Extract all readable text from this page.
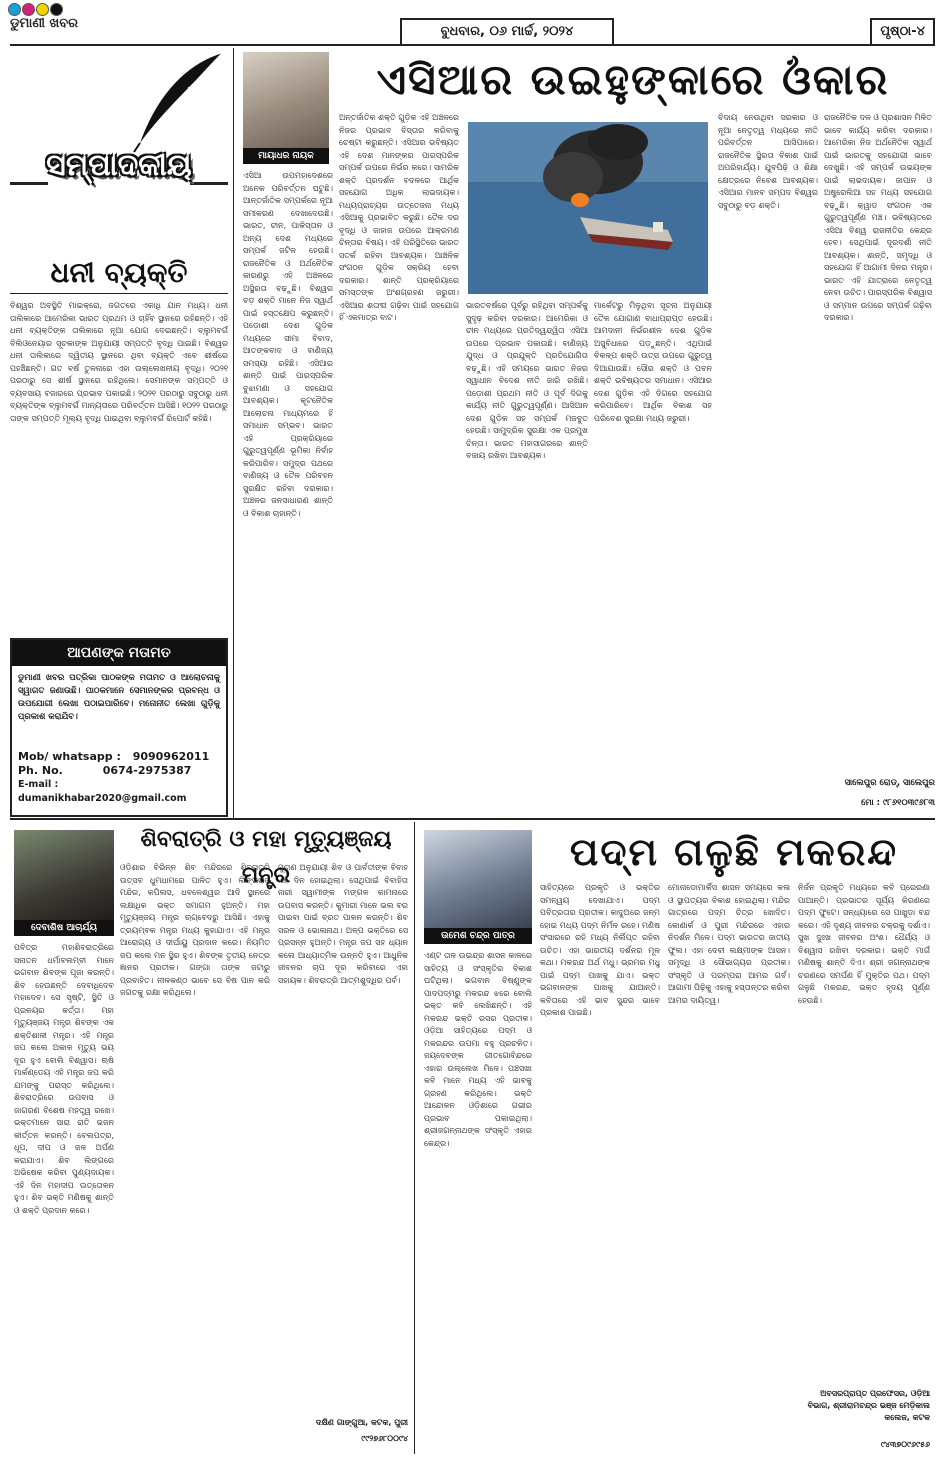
ଡୁମାଣୀ ଖବର
ବୁଧବାର, ୦୬ ମାର୍ଚ୍ଚ, ୨୦୨୪	ପୃଷ୍ଠା-୪
ସମ୍ପାଦକୀୟ
ଧନୀ ବ୍ୟକ୍ତି
ବିଶ୍ୱର ଅବସ୍ଥିତି ମାଇକ୍ରୋ, ଜଗତରେ ଏକାଧି ଯାନ ମଧ୍ୟ। ଧନୀ ତାଲିକାରେ ଆମେରିକା ଭାରତ ପ୍ରଥମ ଓ ଚାହିଁବ ସ୍ଥାନରେ ରହିଛନ୍ତି। ଏହି ଧନୀ ବ୍ୟକ୍ତିଙ୍କ ତାଲିକାରେ ନୂଆ ଯୋଗ ଦେଇଛନ୍ତି। ବ୍ଲୁମବର୍ଗ ବିଲିଓନେୟାର ସୂଚକାଙ୍କ ଅନୁଯାୟୀ ସମ୍ପତ୍ତି ବୃଦ୍ଧି ପାଇଛି। ବିଶ୍ୱର ଧନୀ ତାଲିକାରେ ଦ୍ୱିତୀୟ ସ୍ଥାନରେ ଥିବା ବ୍ୟକ୍ତି ଏବେ ଶୀର୍ଷରେ ପହଞ୍ଚିଛନ୍ତି। ଗତ ବର୍ଷ ତୁଳନାରେ ଏହା ଉଲ୍ଲେଖନୀୟ ବୃଦ୍ଧି। ୨୦୨୧ ପରଠାରୁ ସେ ଶୀର୍ଷ ସ୍ଥାନରେ ରହିଥିଲେ। ସେମାନଙ୍କ ସମ୍ପତ୍ତି ଓ ବ୍ୟବସାୟ ବଜାରରେ ପ୍ରଭାବ ପକାଇଛି। ୨୦୨୧ ପରଠାରୁ ସବୁଠାରୁ ଧନୀ ବ୍ୟକ୍ତିଙ୍କ ବ୍ଲୁମବର୍ଗ ମାନ୍ୟତାରେ ପରିବର୍ତ୍ତନ ଆସିଛି। ୧୦୨୨ ପରଠାରୁ ତାଙ୍କ ସମ୍ପତ୍ତି ମୂଲ୍ୟ ବୃଦ୍ଧି ପାଇଥିବା ବ୍ଲୁମବର୍ଗ ରିପୋର୍ଟ କହିଛି।
ଆପଣଙ୍କ ମତାମତ
ଡୁମାଣୀ ଖବର ପତ୍ରିକା ପାଠକଙ୍କ ମତାମତ ଓ ଆଲୋଚନାକୁ ସ୍ୱାଗତ ଜଣାଉଛି। ପାଠକମାନେ ସେମାନଙ୍କର ପ୍ରବନ୍ଧ ଓ ଉପଯୋଗୀ ଲେଖା ପଠାଇପାରିବେ। ମନୋନୀତ ଲେଖା ଗୁଡ଼ିକୁ ପ୍ରକାଶ କରାଯିବ।
Mob/ whatsapp : 9090962011
Ph. No.	0674-2975387
E-mail : dumanikhabar2020@gmail.com
ମାୟାଧର ନାୟକ
ଏସିଆର ଉଇହୁଙ୍କାରେ ଓଁକାର
ଏସିଆ ଉପମହାଦେଶରେ ଅନେକ ପରିବର୍ତ୍ତନ ଘଟୁଛି। ଆନ୍ତର୍ଜାତିକ ସମ୍ପର୍କରେ ନୂଆ ସମୀକରଣ ଦେଖାଦେଉଛି। ଭାରତ, ଚୀନ, ପାକିସ୍ତାନ ଓ ଅନ୍ୟ ଦେଶ ମଧ୍ୟରେ ସମ୍ପର୍କ ଜଟିଳ ହେଉଛି। ରାଜନୈତିକ ଓ ଅର୍ଥନୈତିକ କାରଣରୁ ଏହି ଅଞ୍ଚଳରେ ଅସ୍ଥିରତା ବଢ଼ୁଛି। ବିଶ୍ୱର ବଡ଼ ଶକ୍ତି ମାନେ ନିଜ ସ୍ୱାର୍ଥ ପାଇଁ ହସ୍ତକ୍ଷେପ କରୁଛନ୍ତି। ପଡ଼ୋଶୀ ଦେଶ ଗୁଡ଼ିକ ମଧ୍ୟରେ ସୀମା ବିବାଦ, ଆତଙ୍କବାଦ ଓ ବାଣିଜ୍ୟ ସମସ୍ୟା ରହିଛି। ଏସିଆର ଶାନ୍ତି ପାଇଁ ପାରସ୍ପରିକ ବୁଝାମଣା ଓ ସହଯୋଗ ଆବଶ୍ୟକ। କୂଟନୈତିକ ଆଲୋଚନା ମାଧ୍ୟମରେ ହିଁ ସମାଧାନ ସମ୍ଭବ। ଭାରତ ଏହି ପ୍ରକ୍ରିୟାରେ ଗୁରୁତ୍ୱପୂର୍ଣ୍ଣ ଭୂମିକା ନିର୍ବାହ କରିପାରିବ। ସମୁଦ୍ର ପଥରେ ବାଣିଜ୍ୟ ଓ ତୈଳ ପରିବହନ ସୁରକ୍ଷିତ ରହିବା ଦରକାର। ଅଞ୍ଚଳର ଜନସାଧାରଣ ଶାନ୍ତି ଓ ବିକାଶ ଚାହାନ୍ତି।
ଅନ୍ତର୍ଜାତିକ ଶକ୍ତି ଗୁଡ଼ିକ ଏହି ଅଞ୍ଚଳରେ ନିଜର ପ୍ରଭାବ ବିସ୍ତାର କରିବାକୁ ଚେଷ୍ଟା କରୁଛନ୍ତି। ଏସିଆର ଭବିଷ୍ୟତ ଏହି ଦେଶ ମାନଙ୍କର ପାରସ୍ପରିକ ସମ୍ପର୍କ ଉପରେ ନିର୍ଭର କରେ। ସାମରିକ ଶକ୍ତି ପ୍ରଦର୍ଶନ ବଦଳରେ ଆର୍ଥିକ ସହଯୋଗ ଅଧିକ ଲାଭଦାୟକ। ମଧ୍ୟପ୍ରାଚ୍ୟର ଉତ୍ତେଜନା ମଧ୍ୟ ଏସିଆକୁ ପ୍ରଭାବିତ କରୁଛି। ତୈଳ ଦର ବୃଦ୍ଧି ଓ ଜାହାଜ ଉପରେ ଆକ୍ରମଣ ଚିନ୍ତାର ବିଷୟ। ଏହି ପରିସ୍ଥିତିରେ ଭାରତ ସତର୍କ ରହିବା ଆବଶ୍ୟକ। ଆଞ୍ଚଳିକ ସଂଗଠନ ଗୁଡ଼ିକ ସକ୍ରିୟ ହେବା ଦରକାର। ଶାନ୍ତି ପ୍ରକ୍ରିୟାରେ ସମସ୍ତଙ୍କ ଅଂଶଗ୍ରହଣ ଜରୁରୀ। ଏସିଆର ଶତାବ୍ଦୀ ଗଢ଼ିବା ପାଇଁ ସହଯୋଗ ହିଁ ଏକମାତ୍ର ବାଟ।
ଭାରତବର୍ଷରେ ପୂର୍ବରୁ ରହିଥିବା ସମ୍ପର୍କକୁ ସୁଦୃଢ଼ କରିବା ଦରକାର। ଆମେରିକା ଓ ଚୀନ ମଧ୍ୟରେ ପ୍ରତିଦ୍ୱନ୍ଦ୍ୱିତା ଏସିଆ ଉପରେ ପ୍ରଭାବ ପକାଉଛି। ବାଣିଜ୍ୟ ଯୁଦ୍ଧ ଓ ପ୍ରଯୁକ୍ତି ପ୍ରତିଯୋଗିତା ବଢ଼ୁଛି। ଏହି ସମୟରେ ଭାରତ ନିଜର ସ୍ୱାଧୀନ ବିଦେଶ ନୀତି ଜାରି ରଖିଛି। ପଡ଼ୋଶୀ ପ୍ରଥମ ନୀତି ଓ ପୂର୍ବ ଦିଗକୁ କାର୍ଯ୍ୟ ନୀତି ଗୁରୁତ୍ୱପୂର୍ଣ୍ଣ। ଆସିଆନ ଦେଶ ଗୁଡ଼ିକ ସହ ସମ୍ପର୍କ ମଜବୁତ ହେଉଛି। ସାମୁଦ୍ରିକ ସୁରକ୍ଷା ଏକ ପ୍ରମୁଖ ଚିନ୍ତା। ଭାରତ ମହାସାଗରରେ ଶାନ୍ତି ବଜାୟ ରଖିବା ଆବଶ୍ୟକ।
ମାର୍କେଟରୁ ମିଳୁଥିବା ସୂଚନା ଅନୁଯାୟୀ ତୈଳ ଯୋଗାଣ ବାଧାପ୍ରାପ୍ତ ହେଉଛି। ଆମଦାନୀ ନିର୍ଭରଶୀଳ ଦେଶ ଗୁଡ଼ିକ ଅସୁବିଧାରେ ପଡ଼ୁଛନ୍ତି। ଏଥିପାଇଁ ବିକଳ୍ପ ଶକ୍ତି ଉତ୍ସ ଉପରେ ଗୁରୁତ୍ୱ ଦିଆଯାଉଛି। ସୌର ଶକ୍ତି ଓ ପବନ ଶକ୍ତି ଭବିଷ୍ୟତର ସମାଧାନ। ଏସିଆର ଦେଶ ଗୁଡ଼ିକ ଏହି ଦିଗରେ ସହଯୋଗ କରିପାରିବେ। ଆର୍ଥିକ ବିକାଶ ସହ ପରିବେଶ ସୁରକ୍ଷା ମଧ୍ୟ ଜରୁରୀ।
ବିଦାୟ ନେଉଥିବା ସରକାର ଓ ନୂଆ ନେତୃତ୍ୱ ମଧ୍ୟରେ ନୀତି ପରିବର୍ତ୍ତନ ଆସିପାରେ। ରାଜନୈତିକ ସ୍ଥିରତା ବିକାଶ ପାଇଁ ଅପରିହାର୍ଯ୍ୟ। ଯୁବପିଢ଼ି ଓ ଶିକ୍ଷା କ୍ଷେତ୍ରରେ ନିବେଶ ଆବଶ୍ୟକ। ଏସିଆର ମାନବ ସମ୍ପଦ ବିଶ୍ୱର ସବୁଠାରୁ ବଡ଼ ଶକ୍ତି।
ରାଜନୈତିକ ଦଳ ଓ ପ୍ରଶାସନ ମିଳିତ ଭାବେ କାର୍ଯ୍ୟ କରିବା ଦରକାର। ଆମେରିକା ନିଜ ଅର୍ଥନୈତିକ ସ୍ୱାର୍ଥ ପାଇଁ ଭାରତକୁ ସହଯୋଗୀ ଭାବେ ଦେଖୁଛି। ଏହି ସମ୍ପର୍କ ଉଭୟଙ୍କ ପାଇଁ ଲାଭଦାୟକ। ଜାପାନ ଓ ଅଷ୍ଟ୍ରେଲିଆ ସହ ମଧ୍ୟ ସହଯୋଗ ବଢ଼ୁଛି। କ୍ୱାଡ ସଂଗଠନ ଏକ ଗୁରୁତ୍ୱପୂର୍ଣ୍ଣ ମଞ୍ଚ। ଭବିଷ୍ୟତରେ ଏସିଆ ବିଶ୍ୱ ରାଜନୀତିର କେନ୍ଦ୍ର ହେବ। ସେଥିପାଇଁ ଦୂରଦର୍ଶୀ ନୀତି ଆବଶ୍ୟକ। ଶାନ୍ତି, ସମୃଦ୍ଧି ଓ ସହଯୋଗ ହିଁ ଆଗାମୀ ଦିନର ମନ୍ତ୍ର। ଭାରତ ଏହି ଯାତ୍ରାରେ ନେତୃତ୍ୱ ନେବା ଉଚିତ। ପାରସ୍ପରିକ ବିଶ୍ୱାସ ଓ ସମ୍ମାନ ଉପରେ ସମ୍ପର୍କ ଗଢ଼ିବା ଦରକାର।
ସାଲେପୁର ରୋଡ୍, ସାଲେପୁର
ମୋ : ୯୮୬୧୦୩୯୬୮୩
ଦେବାଶିଷ ଆଚାର୍ଯ୍ୟ
ଶିବରାତ୍ରି ଓ ମହା ମୃତ୍ୟୁଞ୍ଜୟ ମନ୍ତ୍ର
ପବିତ୍ର ମହାଶିବରାତ୍ରିରେ ସନାତନ ଧର୍ମାବଲମ୍ବୀ ମାନେ ଭଗବାନ ଶିବଙ୍କ ପୂଜା କରନ୍ତି। ଶିବ ହେଉଛନ୍ତି ଦେବାଧିଦେବ ମହାଦେବ। ସେ ସୃଷ୍ଟି, ସ୍ଥିତି ଓ ପ୍ରଳୟର କର୍ତ୍ତା। ମହା ମୃତ୍ୟୁଞ୍ଜୟ ମନ୍ତ୍ର ଶିବଙ୍କ ଏକ ଶକ୍ତିଶାଳୀ ମନ୍ତ୍ର। ଏହି ମନ୍ତ୍ର ଜପ କଲେ ଅକାଳ ମୃତ୍ୟୁ ଭୟ ଦୂର ହୁଏ ବୋଲି ବିଶ୍ୱାସ। ଋଷି ମାର୍କଣ୍ଡେୟ ଏହି ମନ୍ତ୍ର ଜପ କରି ଯମଙ୍କୁ ପରାସ୍ତ କରିଥିଲେ। ଶିବରାତ୍ରିରେ ଉପବାସ ଓ ଜାଗରଣ ବିଶେଷ ମହତ୍ତ୍ୱ ରଖେ। ଭକ୍ତମାନେ ସାରା ରାତି ଭଜନ କୀର୍ତ୍ତନ କରନ୍ତି। ବେଲପତ୍ର, ଧୂପ, ଦୀପ ଓ ଜଳ ଅର୍ପଣ କରାଯାଏ। ଶିବ ଲିଙ୍ଗରେ ଅଭିଷେକ କରିବା ପୁଣ୍ୟଦାୟକ। ଏହି ଦିନ ମହାଦୀପ ଉତ୍ତୋଳନ ହୁଏ। ଶିବ ଭକ୍ତି ମଣିଷକୁ ଶାନ୍ତି ଓ ଶକ୍ତି ପ୍ରଦାନ କରେ।
ଓଡ଼ିଶାର ବିଭିନ୍ନ ଶିବ ମନ୍ଦିରରେ ଶିବରାତ୍ରି ଉତ୍ସବ ଧୁମଧାମରେ ପାଳିତ ହୁଏ। ଲିଙ୍ଗରାଜ ମନ୍ଦିର, କପିଳାସ, ଧବଳେଶ୍ୱର ଆଦି ସ୍ଥାନରେ ଲକ୍ଷାଧିକ ଭକ୍ତ ସମାଗମ ହୁଅନ୍ତି। ମହା ମୃତ୍ୟୁଞ୍ଜୟ ମନ୍ତ୍ର ଋଗ୍ବେଦରୁ ଆସିଛି। ଏହାକୁ ତ୍ରୟମ୍ବକ ମନ୍ତ୍ର ମଧ୍ୟ କୁହାଯାଏ। ଏହି ମନ୍ତ୍ର ଆରୋଗ୍ୟ ଓ ଦୀର୍ଘାୟୁ ପ୍ରଦାନ କରେ। ନିୟମିତ ଜପ କଲେ ମନ ସ୍ଥିର ହୁଏ। ଶିବଙ୍କ ତୃତୀୟ ନେତ୍ର ଜ୍ଞାନର ପ୍ରତୀକ। ଗଙ୍ଗା ତାଙ୍କ ଜଟାରୁ ପ୍ରବାହିତ। ନୀଳକଣ୍ଠ ଭାବେ ସେ ବିଷ ପାନ କରି ଜଗତକୁ ରକ୍ଷା କରିଥିଲେ।
ପୁରାଣ ଅନୁଯାୟୀ ଶିବ ଓ ପାର୍ବତୀଙ୍କ ବିବାହ ଏହି ଦିନ ହୋଇଥିଲା। ସେଥିପାଇଁ ବିବାହିତା ନାରୀ ସ୍ୱାମୀଙ୍କ ମଙ୍ଗଳ କାମନାରେ ଉପବାସ କରନ୍ତି। କୁମାରୀ ମାନେ ଭଲ ବର ପାଇବା ପାଇଁ ବ୍ରତ ପାଳନ କରନ୍ତି। ଶିବ ସରଳ ଓ ଭୋଳାନାଥ। ଅଳ୍ପ ଭକ୍ତିରେ ସେ ପ୍ରସନ୍ନ ହୁଅନ୍ତି। ମନ୍ତ୍ର ଜପ ସହ ଧ୍ୟାନ କଲେ ଆଧ୍ୟାତ୍ମିକ ଉନ୍ନତି ହୁଏ। ଆଧୁନିକ ଜୀବନର ଚାପ ଦୂର କରିବାରେ ଏହା ସହାୟକ। ଶିବରାତ୍ରି ଆତ୍ମଶୁଦ୍ଧିର ପର୍ବ।
ଦକ୍ଷିଣ ଗାଙ୍ଗୁଆ, କଟକ, ପୁରୀ
୯୯୨୭୬୮୦୦୯୪
ଉମେଶ ଚନ୍ଦ୍ର ପାତ୍ର
ପଦ୍ମ ଗଳୁଛି ମକରନ୍ଦ
ଏଣ୍ଟ ତାଳ ଉଇନ୍ଦ୍ର ଶାସନ କାଳରେ ସାହିତ୍ୟ ଓ ସଂସ୍କୃତିର ବିକାଶ ଘଟିଥିଲା। ଭଗବାନ ବିଷ୍ଣୁଙ୍କ ପାଦପଦ୍ମରୁ ମକରନ୍ଦ ଝରେ ବୋଲି ଭକ୍ତ କବି ଲେଖିଛନ୍ତି। ଏହି ମକରନ୍ଦ ଭକ୍ତି ରସର ପ୍ରତୀକ। ଓଡ଼ିଆ ସାହିତ୍ୟରେ ପଦ୍ମ ଓ ମକରନ୍ଦର ଉପମା ବହୁ ପ୍ରଚଳିତ। ଜୟଦେବଙ୍କ ଗୀତଗୋବିନ୍ଦରେ ଏହାର ଉଲ୍ଲେଖ ମିଳେ। ପଞ୍ଚସଖା କବି ମାନେ ମଧ୍ୟ ଏହି ଭାବକୁ ଗ୍ରହଣ କରିଥିଲେ। ଭକ୍ତି ଆନ୍ଦୋଳନ ଓଡ଼ିଶାରେ ଗଭୀର ପ୍ରଭାବ ପକାଇଥିଲା। ଶ୍ରୀଜଗନ୍ନାଥଙ୍କ ସଂସ୍କୃତି ଏହାର କେନ୍ଦ୍ର।
ସାହିତ୍ୟରେ ପ୍ରକୃତି ଓ ଭକ୍ତିର ସମନ୍ୱୟ ଦେଖାଯାଏ। ପଦ୍ମ ପବିତ୍ରତାର ପ୍ରତୀକ। କାଦୁଅରେ ଜନ୍ମ ହୋଇ ମଧ୍ୟ ପଦ୍ମ ନିର୍ମଳ ରହେ। ମଣିଷ ସଂସାରରେ ରହି ମଧ୍ୟ ନିର୍ଲିପ୍ତ ରହିବା ଉଚିତ। ଏହା ଭାରତୀୟ ଦର୍ଶନର ମୂଳ କଥା। ମକରନ୍ଦ ଅର୍ଥ ମଧୁ। ଭ୍ରମର ମଧୁ ପାଇଁ ପଦ୍ମ ପାଖକୁ ଯାଏ। ଭକ୍ତ ଭଗବାନଙ୍କ ପାଖକୁ ଯାଆନ୍ତି। କବିତାରେ ଏହି ଭାବ ସୁନ୍ଦର ଭାବେ ପ୍ରକାଶ ପାଇଛି।
ମୋନାଡୋମାର୍କିସ ଶାସନ ସମୟରେ କଳା ଓ ସ୍ଥାପତ୍ୟର ବିକାଶ ହୋଇଥିଲା। ମନ୍ଦିର ଗାତ୍ରରେ ପଦ୍ମ ଚିତ୍ର ଖୋଦିତ। କୋଣାର୍କ ଓ ପୁରୀ ମନ୍ଦିରରେ ଏହାର ନିଦର୍ଶନ ମିଳେ। ପଦ୍ମ ଭାରତର ଜାତୀୟ ଫୁଲ। ଏହା ଦେବୀ ଲକ୍ଷ୍ମୀଙ୍କ ଆସନ। ସମୃଦ୍ଧି ଓ ସୌଭାଗ୍ୟର ପ୍ରତୀକ। ସଂସ୍କୃତି ଓ ପରମ୍ପରା ଆମର ଗର୍ବ। ଆଗାମୀ ପିଢ଼ିକୁ ଏହାକୁ ହସ୍ତାନ୍ତର କରିବା ଆମର ଦାୟିତ୍ୱ।
ନିର୍ଜନ ପ୍ରକୃତି ମଧ୍ୟରେ କବି ପ୍ରେରଣା ପାଆନ୍ତି। ପ୍ରଭାତର ସୂର୍ଯ୍ୟ କିରଣରେ ପଦ୍ମ ଫୁଟେ। ସନ୍ଧ୍ୟାରେ ସେ ପାଖୁଡ଼ା ବନ୍ଦ କରେ। ଏହି ଦୃଶ୍ୟ ଜୀବନର ଚକ୍ରକୁ ଦର୍ଶାଏ। ସୁଖ ଦୁଃଖ ଜୀବନର ଅଂଶ। ଧୈର୍ଯ୍ୟ ଓ ବିଶ୍ୱାସ ରଖିବା ଦରକାର। ଭକ୍ତି ମାର୍ଗ ମଣିଷକୁ ଶାନ୍ତି ଦିଏ। ଶ୍ରୀ ଜଗନ୍ନାଥଙ୍କ ଚରଣରେ ସମର୍ପଣ ହିଁ ମୁକ୍ତିର ପଥ। ପଦ୍ମ ଗଳୁଛି ମକରନ୍ଦ, ଭକ୍ତ ହୃଦୟ ପୂର୍ଣ୍ଣ ହେଉଛି।
ଅବସରପ୍ରାପ୍ତ ପ୍ରଫେସର, ଓଡ଼ିଆ ବିଭାଗ, ଶ୍ରୀରାମଚନ୍ଦ୍ର ଭଞ୍ଜ ମେଡ଼ିକାଲ କଲେଜ, କଟକ
୯୪୩୭୦୯୬୯୫୬
